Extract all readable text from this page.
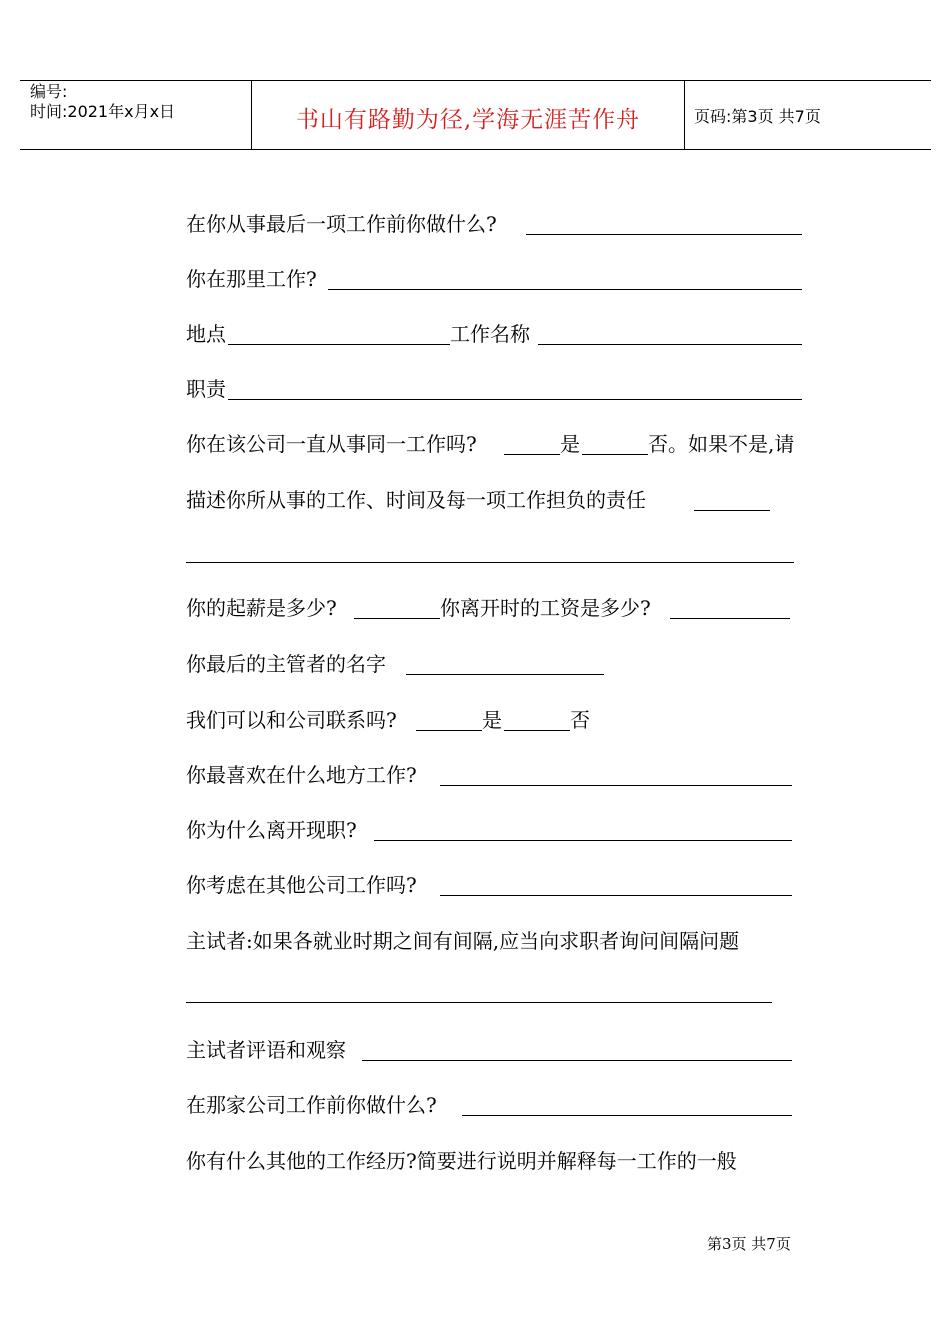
编号:
时间:2021年x月x日	书山有路勤为径,学海无涯苦作舟	页码:第3页 共7页
在你从事最后一项工作前你做什么?
你在那里工作?
地点	工作名称
职责
你在该公司一直从事同一工作吗?	是	否。如果不是,请
描述你所从事的工作、时间及每一项工作担负的责任
你的起薪是多少?	你离开时的工资是多少?
你最后的主管者的名字
我们可以和公司联系吗?	是	否
你最喜欢在什么地方工作?
你为什么离开现职?
你考虑在其他公司工作吗?
主试者:如果各就业时期之间有间隔,应当向求职者询问间隔问题
主试者评语和观察
在那家公司工作前你做什么?
你有什么其他的工作经历?简要进行说明并解释每一工作的一般
第3页 共7页
